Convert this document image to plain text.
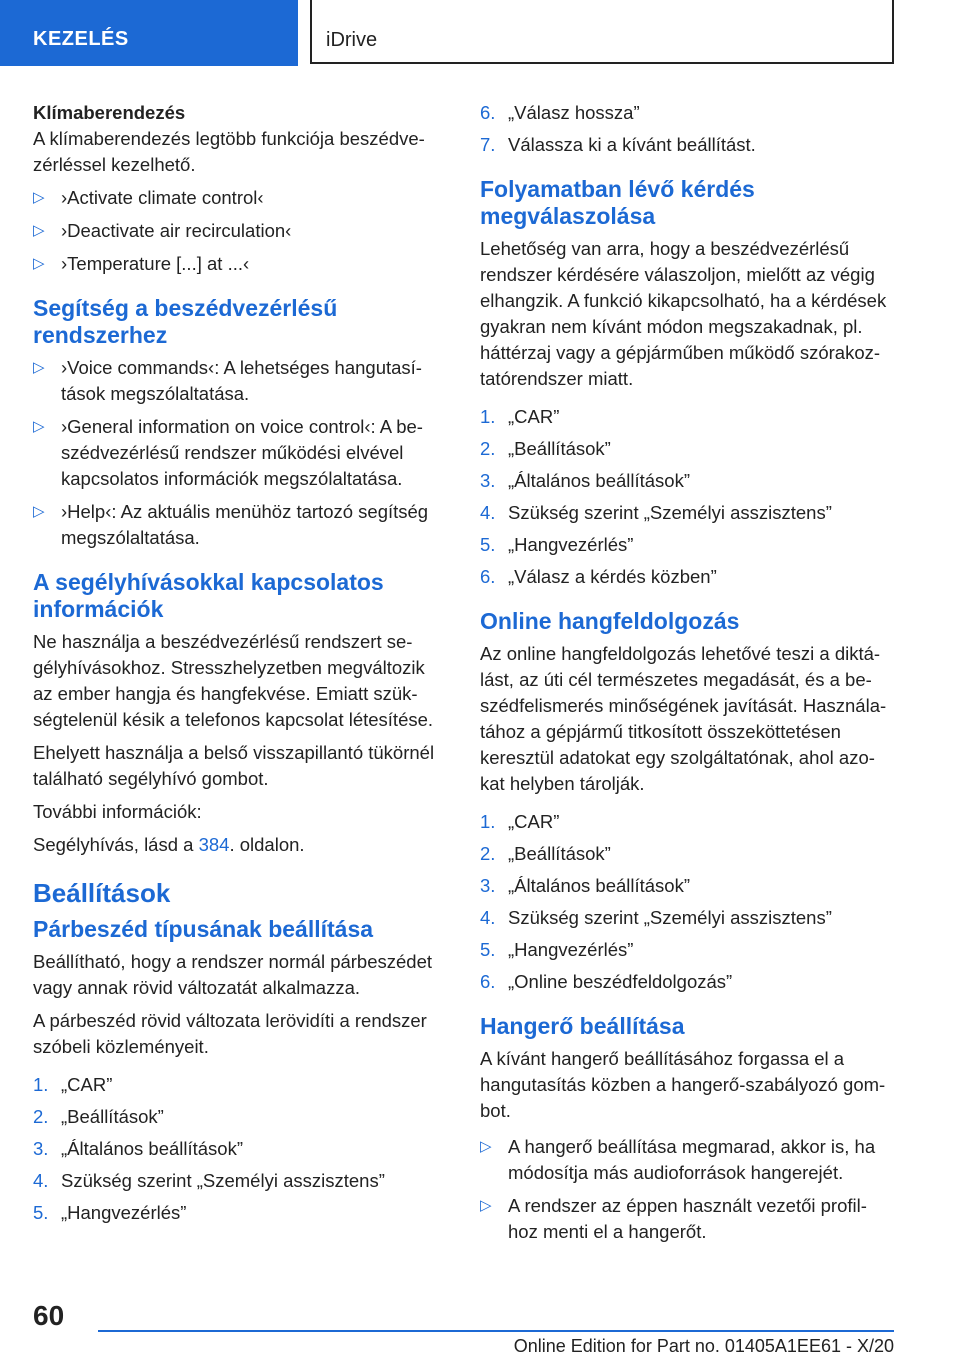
KEZELÉS	iDrive
Klímaberendezés

A klímaberendezés legtöbb funkciója beszédve- zérléssel kezelhető.

▷ ›Activate climate control‹
▷ ›Deactivate air recirculation‹
▷ ›Temperature [...] at ...‹
Segítség a beszédvezérlésű rendszerhez
▷ ›Voice commands‹: A lehetséges hangutasí- tások megszólaltatása.
▷ ›General information on voice control‹: A be- szédvezérlésű rendszer működési elvével kapcsolatos információk megszólaltatása.
▷ ›Help‹: Az aktuális menühöz tartozó segítség megszólaltatása.
A segélyhívásokkal kapcsolatos információk

Ne használja a beszédvezérlésű rendszert se- gélyhívásokhoz. Stresszhelyzetben megváltozik az ember hangja és hangfekvése. Emiatt szük- ségtelenül késik a telefonos kapcsolat létesítése.

Ehelyett használja a belső visszapillantó tükörnél található segélyhívó gombot.

További információk:

Segélyhívás, lásd a 384. oldalon.

Beállítások
Párbeszéd típusának beállítása

Beállítható, hogy a rendszer normál párbeszédet vagy annak rövid változatát alkalmazza.

A párbeszéd rövid változata lerövidíti a rendszer szóbeli közleményeit.

1. „CAR”
2. „Beállítások”
3. „Általános beállítások”
4. Szükség szerint „Személyi asszisztens”
5. „Hangvezérlés”
6. „Válasz hossza”
7. Válassza ki a kívánt beállítást.
Folyamatban lévő kérdés megválaszolása

Lehetőség van arra, hogy a beszédvezérlésű rendszer kérdésére válaszoljon, mielőtt az végig elhangzik. A funkció kikapcsolható, ha a kérdések gyakran nem kívánt módon megszakadnak, pl. háttérzaj vagy a gépjárműben működő szórakoz- tatórendszer miatt.

1. „CAR”
2. „Beállítások”
3. „Általános beállítások”
4. Szükség szerint „Személyi asszisztens”
5. „Hangvezérlés”
6. „Válasz a kérdés közben”
Online hangfeldolgozás

Az online hangfeldolgozás lehetővé teszi a diktá- lást, az úti cél természetes megadását, és a be- szédfelismerés minőségének javítását. Használa- tához a gépjármű titkosított összeköttetésen keresztül adatokat egy szolgáltatónak, ahol azo- kat helyben tárolják.

1. „CAR”
2. „Beállítások”
3. „Általános beállítások”
4. Szükség szerint „Személyi asszisztens”
5. „Hangvezérlés”
6. „Online beszédfeldolgozás”
Hangerő beállítása

A kívánt hangerő beállításához forgassa el a hangutasítás közben a hangerő-szabályozó gom- bot.

▷ A hangerő beállítása megmarad, akkor is, ha módosítja más audioforrások hangerejét.
▷ A rendszer az éppen használt vezetői profil- hoz menti el a hangerőt.
60
Online Edition for Part no. 01405A1EE61 - X/20
